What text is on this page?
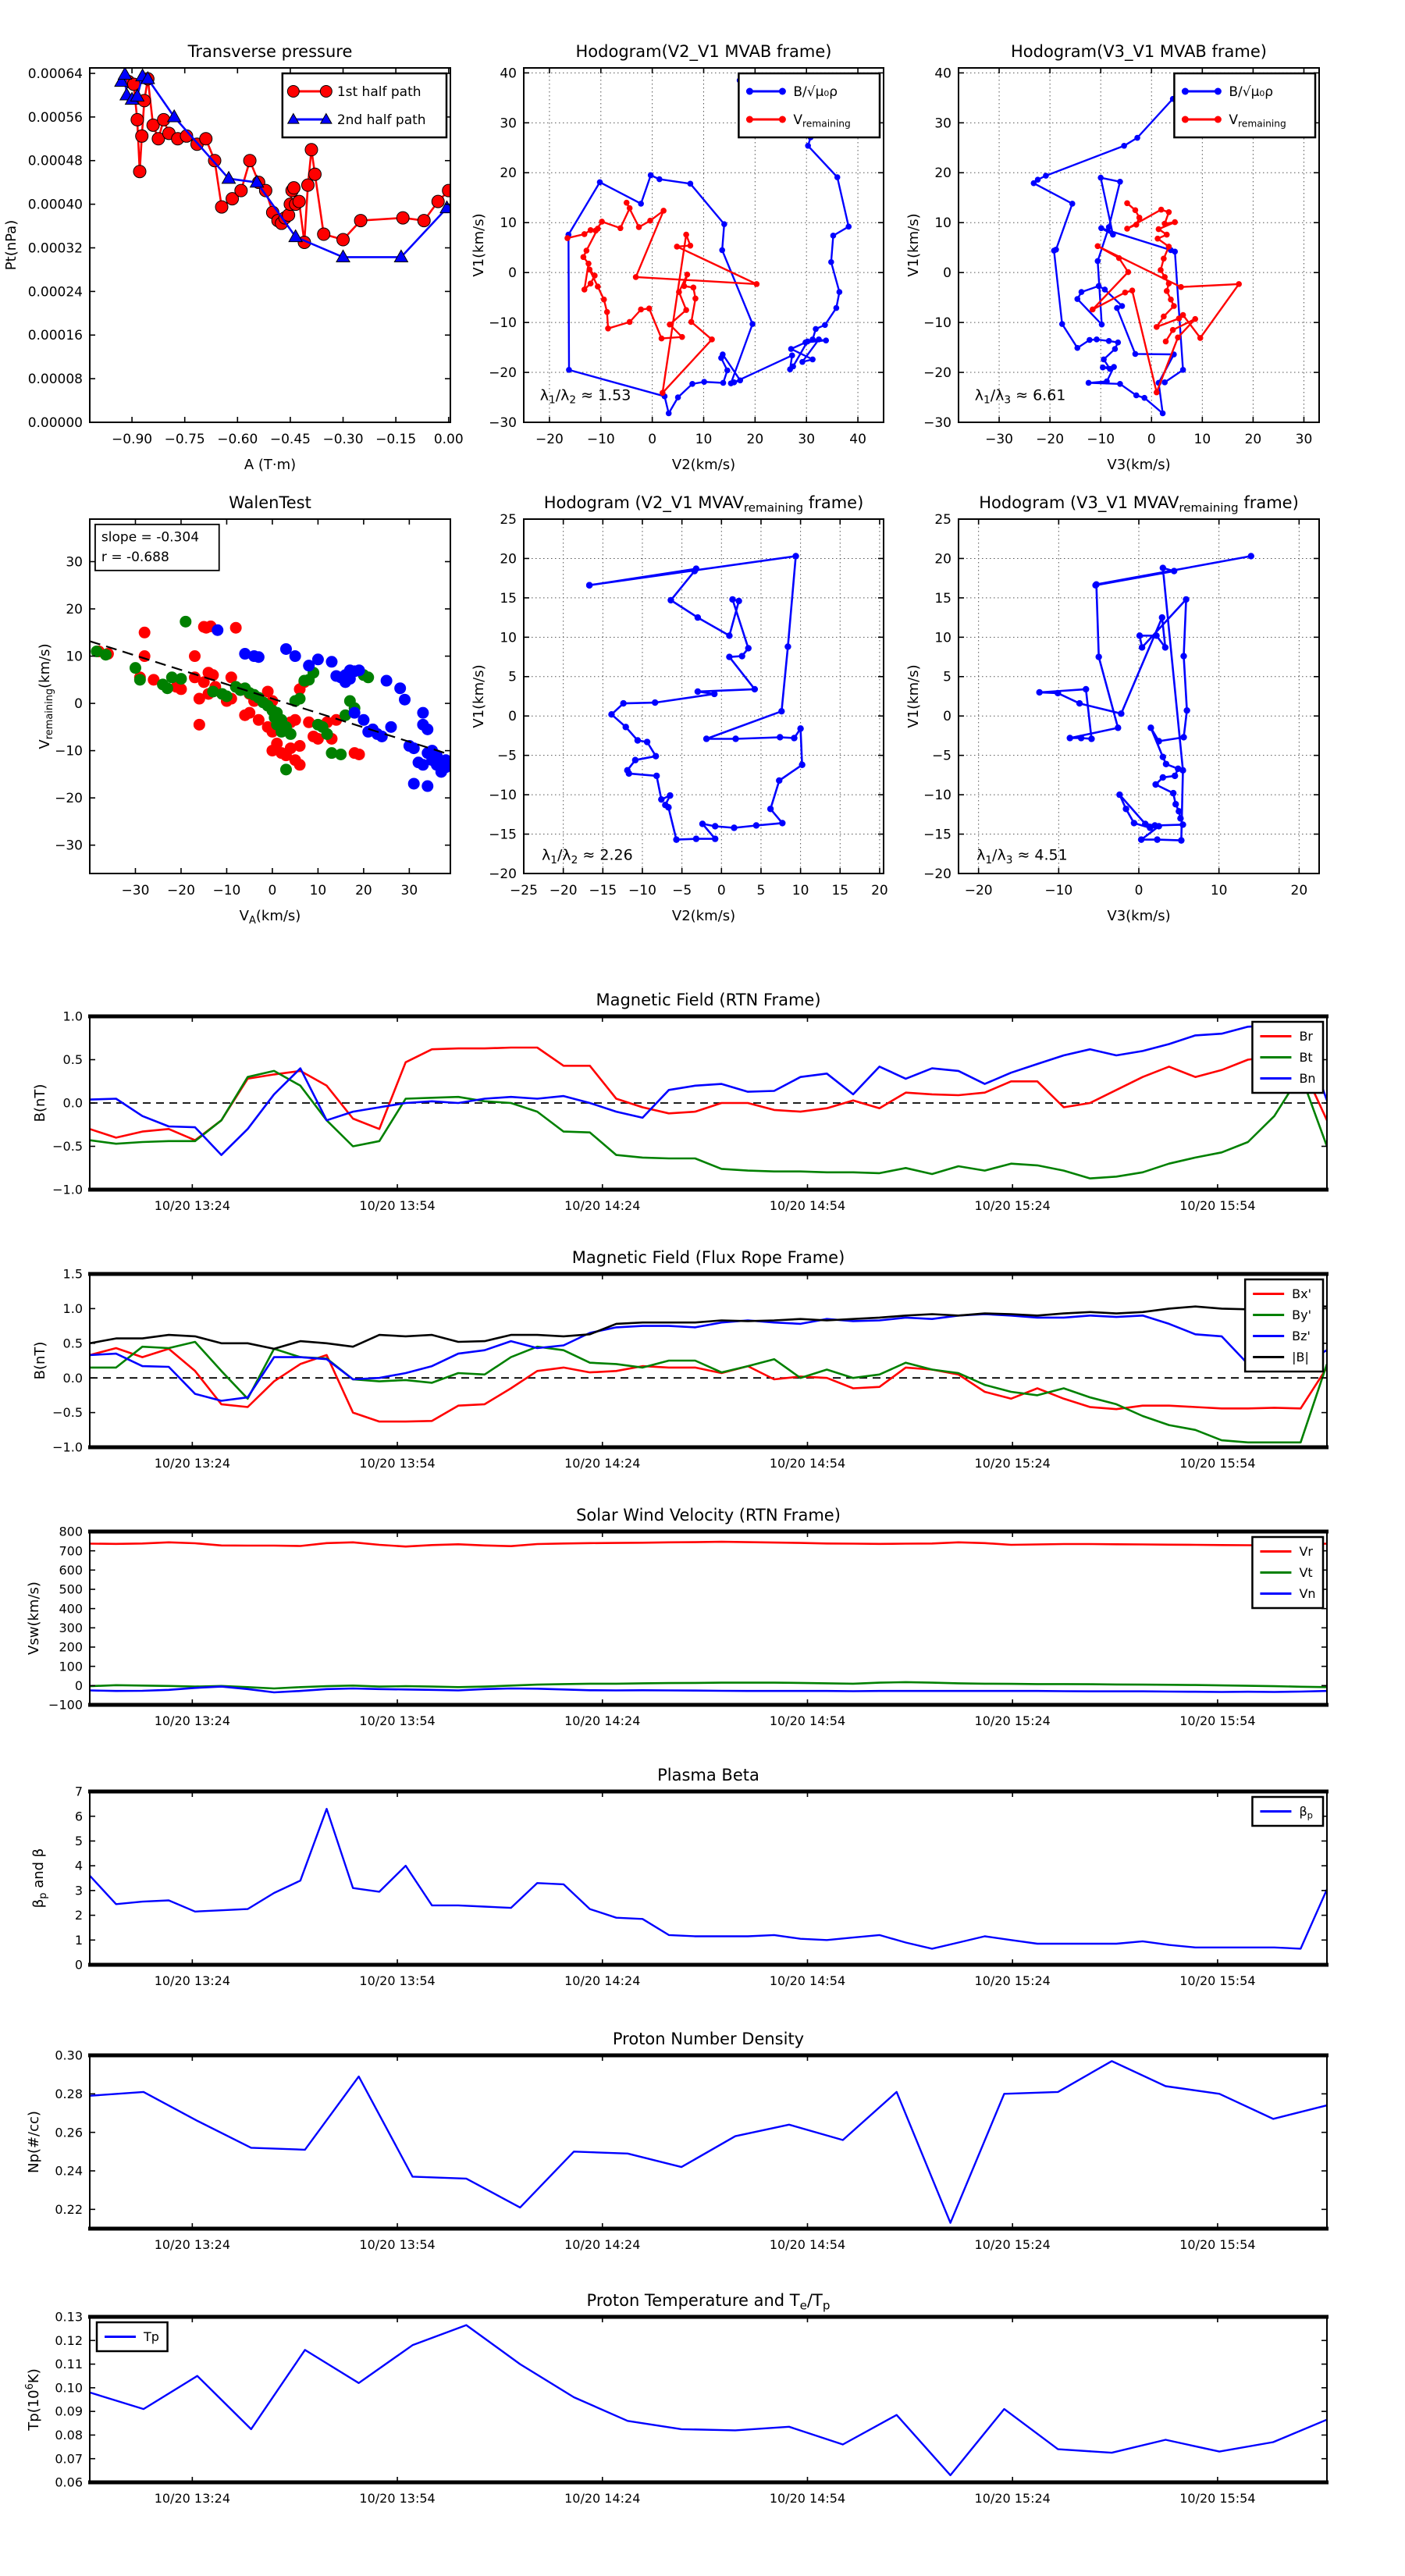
−0.90 −0.75 −0.60 −0.45 −0.30 −0.15 0.00
0.00000
0.00008
0.00016
0.00024
0.00032
0.00040
0.00048
0.00056
0.00064
Transverse pressure
A (T·m)
Pt(nPa)
1st half path
2nd half path
−20 −10 0	10	20	30	40
−30
−20
−10
0
10
20
30
40
Hodogram(V2_V1 MVAB frame)
V2(km/s)
V1(km/s)
B/√μ₀ρ
$V_{remaining}$
$\lambda_1/\lambda_2 \approx 1.53$
−30 −20 −10 0	10	20	30
−30
−20
−10
0
10
20
30
40
Hodogram(V3_V1 MVAB frame)
V3(km/s)
V1(km/s)
B/√μ₀ρ
$V_{remaining}$
$\lambda_1/\lambda_3 \approx 6.61$
−30 −20 −10 0 10 20 30
−30
−20
−10
0
10
20
30
WalenTest
$V_A(km/s)$
$V_{remaining}(km/s)$
slope = -0.304
r = -0.688
−25 −20 −15 −10 −5 0 5 10 15 20
−20
−15
−10
−5
0
5
10
15
20
25
Hodogram (V2_V1 $MVAV_{remaining}$ frame)
V2(km/s)
V1(km/s)
$\lambda_1/\lambda_2 \approx 2.26$
−20	−10	0	10	20
−20
−15
−10
−5
0
5
10
15
20
25
Hodogram (V3_V1 $MVAV_{remaining}$ frame)
V3(km/s)
V1(km/s)
$\lambda_1/\lambda_3 \approx 4.51$
10/20 13:24	10/20 13:54	10/20 14:24	10/20 14:54	10/20 15:24	10/20 15:54
−1.0
−0.5
0.0
0.5
1.0
Magnetic Field (RTN Frame)
B(nT)
Br
Bt
Bn
10/20 13:24	10/20 13:54	10/20 14:24	10/20 14:54	10/20 15:24	10/20 15:54
−1.0
−0.5
0.0
0.5
1.0
1.5
Magnetic Field (Flux Rope Frame)
B(nT)
Bx'
By'
Bz'
|B|
10/20 13:24	10/20 13:54	10/20 14:24	10/20 14:54	10/20 15:24	10/20 15:54
−100
0
100
200
300
400
500
600
700
800
Solar Wind Velocity (RTN Frame)
Vsw(km/s)
Vr
Vt
Vn
10/20 13:24	10/20 13:54	10/20 14:24	10/20 14:54	10/20 15:24	10/20 15:54
0
1
2
3
4
5
6
7
Plasma Beta
$\beta_p$ and β
$\beta_p$
10/20 13:24	10/20 13:54	10/20 14:24	10/20 14:54	10/20 15:24	10/20 15:54
0.22
0.24
0.26
0.28
0.30
Proton Number Density
Np(#/cc)
10/20 13:24	10/20 13:54	10/20 14:24	10/20 14:54	10/20 15:24	10/20 15:54
0.06
0.07
0.08
0.09
0.10
0.11
0.12
0.13
Proton Temperature and $T_e/T_p$
$Tp(10^6K)$
Tp
